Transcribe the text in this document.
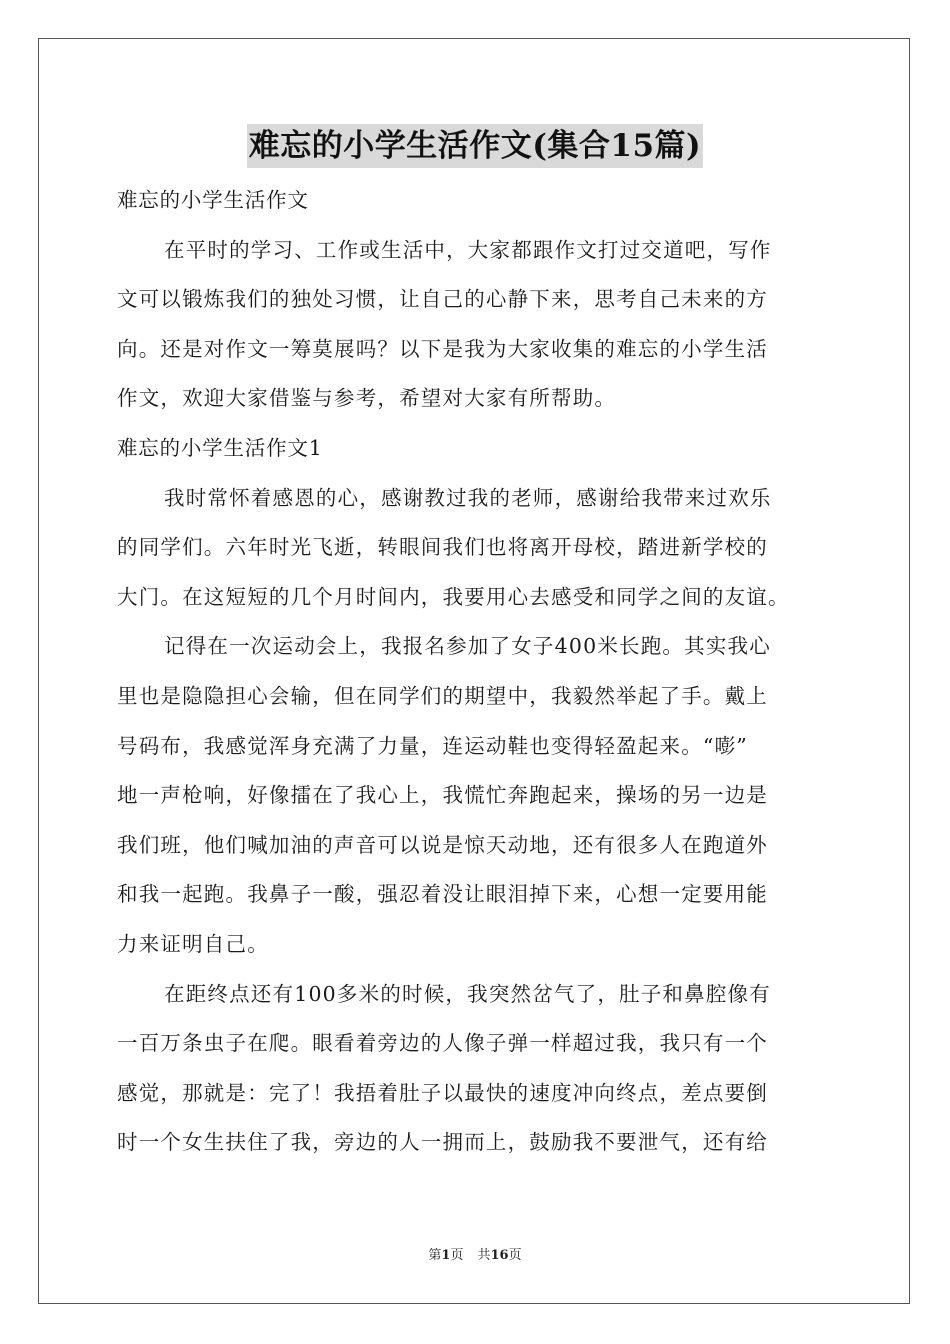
难忘的小学生活作文(集合15篇)
难忘的小学生活作文
在平时的学习、工作或生活中，大家都跟作文打过交道吧，写作
文可以锻炼我们的独处习惯，让自己的心静下来，思考自己未来的方
向。还是对作文一筹莫展吗？以下是我为大家收集的难忘的小学生活
作文，欢迎大家借鉴与参考，希望对大家有所帮助。
难忘的小学生活作文1
我时常怀着感恩的心，感谢教过我的老师，感谢给我带来过欢乐
的同学们。六年时光飞逝，转眼间我们也将离开母校，踏进新学校的
大门。在这短短的几个月时间内，我要用心去感受和同学之间的友谊。
记得在一次运动会上，我报名参加了女子400米长跑。其实我心
里也是隐隐担心会输，但在同学们的期望中，我毅然举起了手。戴上
号码布，我感觉浑身充满了力量，连运动鞋也变得轻盈起来。“嘭”
地一声枪响，好像擂在了我心上，我慌忙奔跑起来，操场的另一边是
我们班，他们喊加油的声音可以说是惊天动地，还有很多人在跑道外
和我一起跑。我鼻子一酸，强忍着没让眼泪掉下来，心想一定要用能
力来证明自己。
在距终点还有100多米的时候，我突然岔气了，肚子和鼻腔像有
一百万条虫子在爬。眼看着旁边的人像子弹一样超过我，我只有一个
感觉，那就是：完了！我捂着肚子以最快的速度冲向终点，差点要倒
时一个女生扶住了我，旁边的人一拥而上，鼓励我不要泄气，还有给
第1页 共16页
